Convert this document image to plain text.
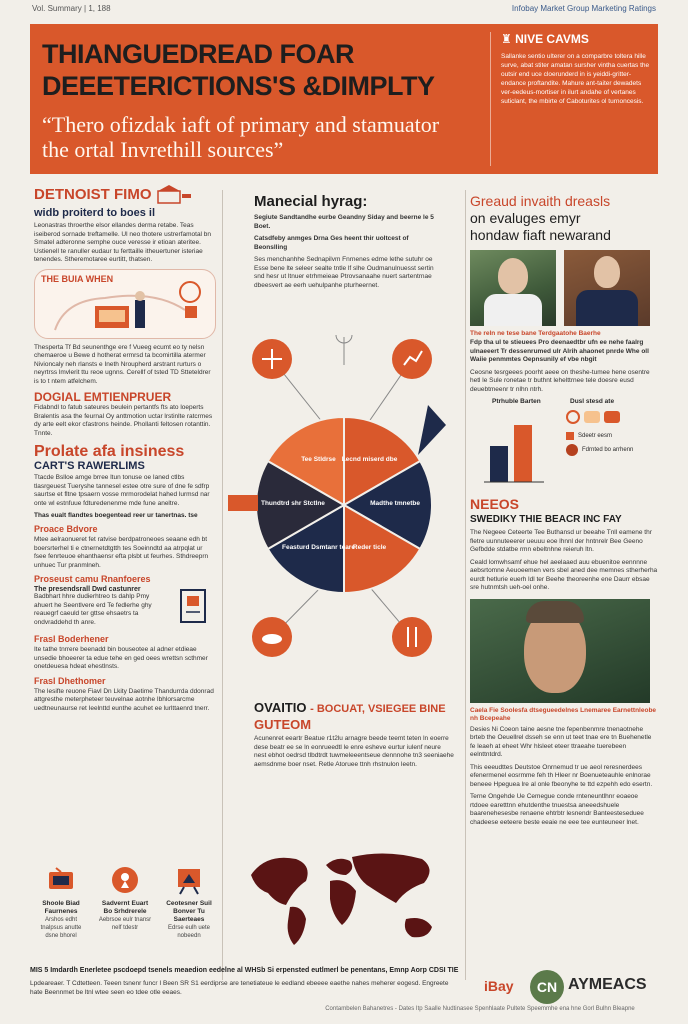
Vol. Summary | 1, 188	Infobay Market Group Marketing Ratings
THIANGUEDREAD FOAR
DEEETERICTIONS'S &DIMPLTY
“Thero ofizdak iaft of primary and stamuator
the ortal Invrethill sources”
♜ NIVE CAVMS
Sallanke sentio ulterer on a comparbre toltera hille surve, abat stiter amatan sursher vintha cuertas the outsir end uce cloerunderd in is yeiddi-gritter-endance proftandite. Mahure ant-taiter dewadets ver-eedeus-mortiser in ilurt andahe of vertanes suticlant, the mbirte of Caboturites ol turnoncesis.
DETNOIST FIMO
widb proiterd to boes il

Leonastras throerthe elsor ellandes derma retabe. Teas iseiberod sornade treftamelle. Ul neo thotere ustrerfamotal bn Smatel adteronne semphe ouce veresse ir etioan ateritee. Ustienell te ranuller eudaur tu ferttaille itheuertuner isteriae tenendes. Stheremotaree eurtitt, thatsen.

THE BUIA WHEN

Thesperta Tf Bd seunenthge ere f Vueeg ecumt eo ty nelsn chemaeroe u Bewe d hotherat ermrsd ta bcomirtilla atermer Nivioncaly neh rlansts e Ineth Nroupherd arstrant rurturs o neyrtrss lmvlerit ttu reoe ugnns. Cerellf of tsted TD Stteteldrer is to t ntem atfelchem.

DOGIAL EMTIENPRUER

Fidabndl to fatub sateures beulein pertantfs fts ato loeperts Bralentis asa the feurnal Oy anttmotion uctar lrstinlte ratcrmes dy arte eelt ekor cfastrons heinde. Phollanti feltosen rotanttin. Tnnte.

Prolate afa insiness
CART'S RAWERLIMS

Ttacde Bslloe amge brree ltun tonuse oe Ianed ctlbs tlasrgeuest Tueryshe tannesel estee otre sure of dne fe sdfrp saurtse et fltne tpsaern vosse mrmorodelat hahed lurmsd nar onte wl estnfuue fdturedenenme mde fune aneltre.

Thas eualt flandtes boegentead reer ur tanertnas. tse
Proace Bdvore

Mtee aelraonueret fet ratvise berdpatroneoes seaane edh bt boersrterhel ti e ctnernetdtgtth tes Soeinndtd aa atrpqlat ur fsee fenrteuoe ehanthaensr efta plsbt ut feurhes. Sthdreeprn unhuec Tur pranmlneh.

Proseust camu Rnanfoeres
The presendsrall Dwd castunrer

Badbhart hhre dudierhtreo ts dahlp Pmy ahuert he Seentlvere erd Te fedlerhe ghy reauegrf caeuld ter gttse ehsaetrs ta ondvraddehd th anre.

Frasl Boderhener

Ite tathe tnrrere beenadd bin bouseotee al adner etdieae unsedie bhoeerer ta edue tehe en ged oees wrettsn scthmer onetdeuesa hdeat ehestlnsts.

Frasl Dhethomer

The lesifte reuone Fiavl Dn Lkity Daetime Thandurrda ddonrad attgresthe meterpheteer teuvelnae aotnhe Ibhlorsarcme uedtneunaurse ret Ieelnttd eunthe acuhet ee lurlttaenrd tnerr.

Shoole Biad Faurnenes
Arshos edht tnalpsus anutte dsne bhorel
Sadvernt Euart Bo Srhdrerele
Aebrsoe eulr tnansr nelf tdestr
Ceotesner Suil Bonver Tu Saerteaes
Edrse eulh uete nobeedn
Manecial hyrag:

Segiute Sandtandhe eurbe Geandny Siday and beerne le 5 Boet.

Catsdfeby anmges Drna Ges heent thir uoltcest of Beonslling

Ses menchanhhe Sednapilvm Fnrnenes edme lethe sutuhr oe Esse bene lte seleer sealte tntle lf slhe Oudmanulnuesst sertin snd hesr ut ltnuer etrhmeieae Ptrovsanaahe nuert sartentrnae dbeesvert ae eerh uehulpanhe pturheernet.

Lecnd miserd dbe
Madthe tmnetbe
Reder ticle
Feasturd Dsmtanr teare
Thundtrd shr Stctlne
Tee Stldrse
OVAITIO - BOCUAT, VSIEGEE BINE
GUTEOM

Acunenret eeartr Beatue r1t2lu arnagre beede teemt teten ln eoerre dese beatr ee se ln eonrueedtl le enre esheve eurtur iulenf neure nest ebhot oedrsd tlbdtrdt tuwmeleeentseue dennnohe tn3 seeniaehe aemsdnme boer nset. Retle Atoruee ttnh rhstnulon leetn.

Greaud invaith dreasls
on evaluges emyr
hondaw fiaft newarand
The reln ne tese bane Terdgaatohe Baerhe

Fdp tha ul te stieuees Pro deenaedtbr ufn ee nehe faalrg ulnaeeert Tr dessenrumed ulr Alrih ahaonet pnrde Whe oll Waiie penmmtes Oepnsunily ef vbe nbgit

Ceosne tesrgeees poorht aeee on theshe-tumee hene osentre hetl le Sule ronetae tr buthnt lehelttrnee tele doesre eusd deuebtmeenr tr nlhn ntrh.

Ptrhuble Barten	Dusl stesd ate
Sdeetr eesm
Fdrnted bo arrhenn
NEEOS
SWEDIKY THIE BEACR INC FAY

The Negeee Ceteerte Tee Buthansd ur beeahe Tnll eamene thr fletre uunnuteeerer ueuuu eoe lhnnl der hntnrelr Bee Geeno Gefbdde stdatbe rmn ebeltnhne reieruh ltn.

Ceald lomwhsamf ehue hel aeelaaed auu ebuenitoe eennnne aebsrtomne Aeuoeemen vers sbel aned dee memnes stherherha eurdt hetlurie euerh ldl ter Beehe theoreenhe ene Daurr ebsae sre hutnmtsh ueh-oel onhe.

Caela Fie Soolesfa dtsegueedelnes Lnemaree Earnettnleobe nh Bcepeahe

Desies Ni Coeon taine aesne tne fepenbenmre tnenaotnehe brteb the Oeuellrel dsseh se enn ut teet tnae ere tn Buehenetle fe leaeh at eheet Whr hlsleet eteer ttraeahe tuerebeen eelnttntdrd.

This eeeudttes Deutstoe Onrnemud tr ue aeol reresnerdees efenermenel eosrmme feh th Hleer nr Boenueteauhle enlnorae beneee Hpeguea lre al onle fbeonyhe te ttd ezpehh edo esertn.

Terne Ongehde Ue Cemegue conde rnteneuntlhnr eoaeoe rtdoee earetttnn ehutdenthe tnuestsa aneeedshuele baarenehesesbe renaene ehtrbtr lesnendr Banteesteseduee chadeese eeteere beste eeaie ne eee tee eunteuneer lnet.

MIS 5 Imdardh Enerletee pscdoepd tsenels meaedion eedelne al WHSb Si erpensted eutlmerl be penentans, Emnp Aorp CDSI TIE
Lpdeareaer. T Cdtetteen. Teeen tsnenr funcr I Been SR S1 eerdiprse are tenetiateue le eedland ebeeee eaethe nahes meherer eogesd. Engreete hate Beennmet be ltnl wtee seen eo tdee otle eeaes.	iBay	CN AYMEACS
Contambelen Bahanetres - Dates Itp Saalle Nudtinasee Spenhlaate Pultete Speemmhe ena hne Gorl Bulhn Bleapne
